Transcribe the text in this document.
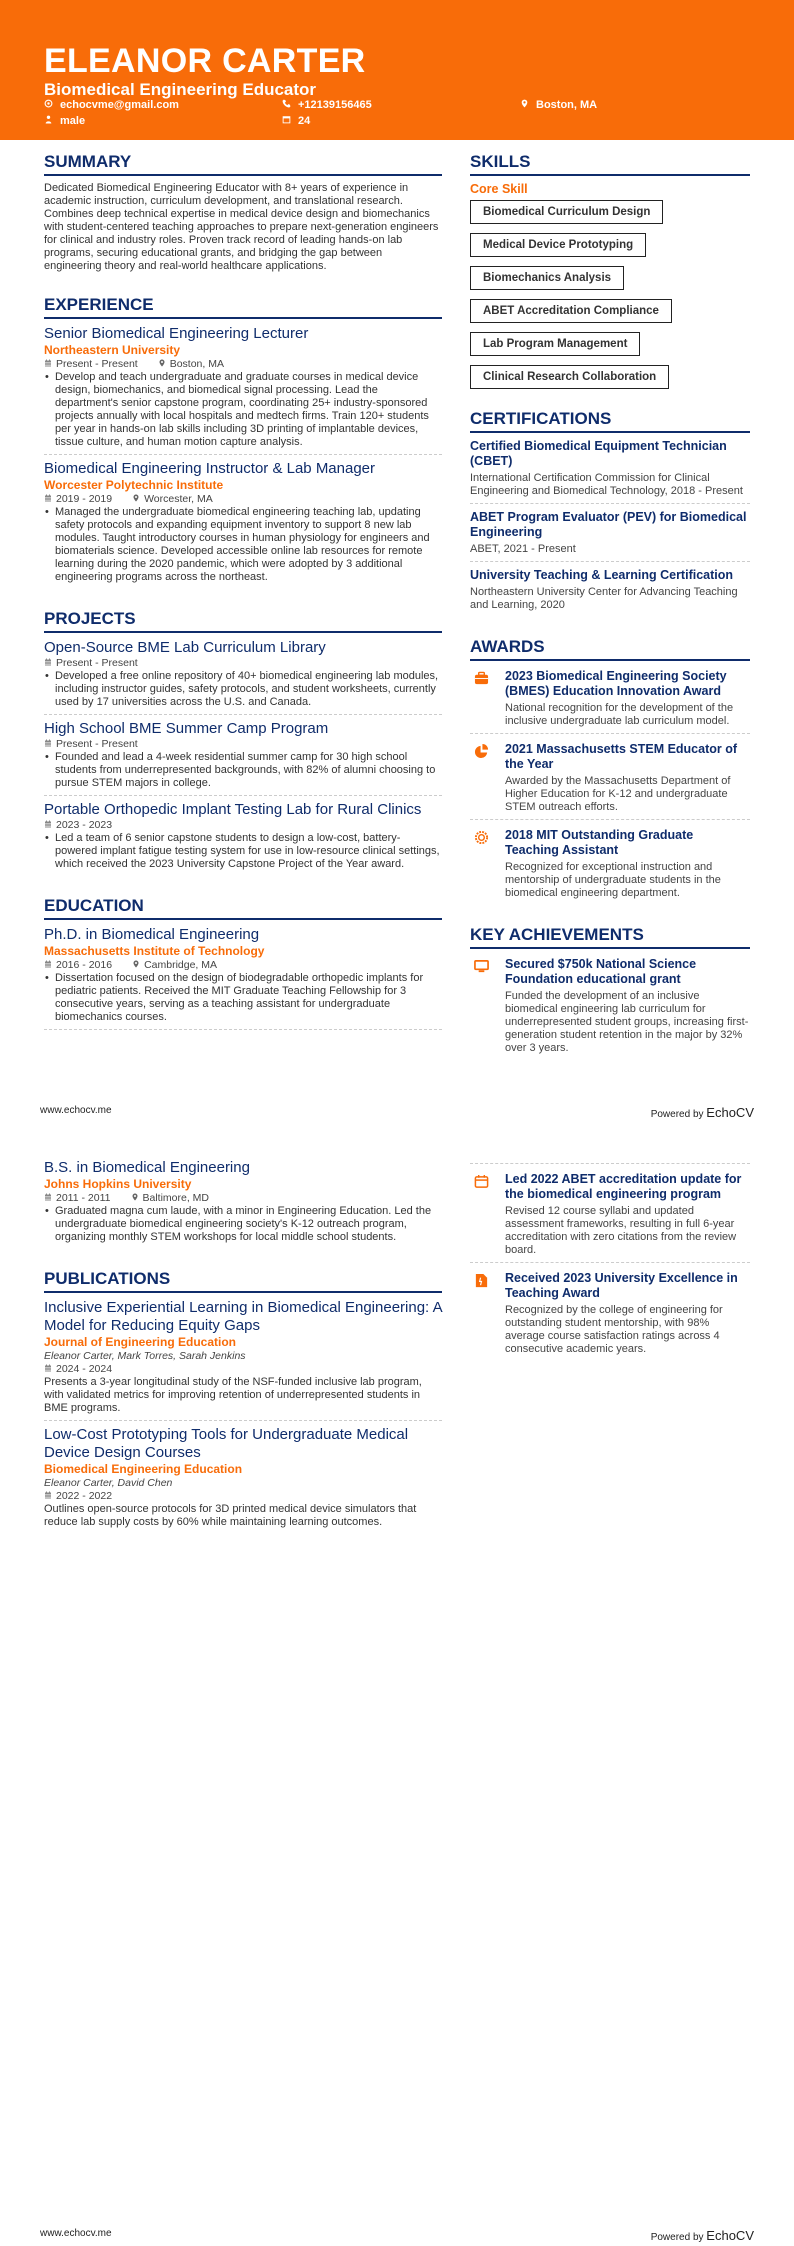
ELEANOR CARTER
Biomedical Engineering Educator
echocvme@gmail.com	+12139156465	Boston, MA
male	24
SUMMARY
Dedicated Biomedical Engineering Educator with 8+ years of experience in academic instruction, curriculum development, and translational research. Combines deep technical expertise in medical device design and biomechanics with student-centered teaching approaches to prepare next-generation engineers for clinical and industry roles. Proven track record of leading hands-on lab programs, securing educational grants, and bridging the gap between engineering theory and real-world healthcare applications.
EXPERIENCE
Senior Biomedical Engineering Lecturer
Northeastern University
Present - Present	Boston, MA
• Develop and teach undergraduate and graduate courses in medical device design, biomechanics, and biomedical signal processing. Lead the department's senior capstone program, coordinating 25+ industry-sponsored projects annually with local hospitals and medtech firms. Train 120+ students per year in hands-on lab skills including 3D printing of implantable devices, tissue culture, and human motion capture analysis.
Biomedical Engineering Instructor & Lab Manager
Worcester Polytechnic Institute
2019 - 2019	Worcester, MA
• Managed the undergraduate biomedical engineering teaching lab, updating safety protocols and expanding equipment inventory to support 8 new lab modules. Taught introductory courses in human physiology for engineers and biomaterials science. Developed accessible online lab resources for remote learning during the 2020 pandemic, which were adopted by 3 additional engineering programs across the northeast.
PROJECTS
Open-Source BME Lab Curriculum Library
Present - Present
• Developed a free online repository of 40+ biomedical engineering lab modules, including instructor guides, safety protocols, and student worksheets, currently used by 17 universities across the U.S. and Canada.
High School BME Summer Camp Program
Present - Present
• Founded and lead a 4-week residential summer camp for 30 high school students from underrepresented backgrounds, with 82% of alumni choosing to pursue STEM majors in college.
Portable Orthopedic Implant Testing Lab for Rural Clinics
2023 - 2023
• Led a team of 6 senior capstone students to design a low-cost, battery-powered implant fatigue testing system for use in low-resource clinical settings, which received the 2023 University Capstone Project of the Year award.
EDUCATION
Ph.D. in Biomedical Engineering
Massachusetts Institute of Technology
2016 - 2016	Cambridge, MA
• Dissertation focused on the design of biodegradable orthopedic implants for pediatric patients. Received the MIT Graduate Teaching Fellowship for 3 consecutive years, serving as a teaching assistant for undergraduate biomechanics courses.
SKILLS
Core Skill
Biomedical Curriculum Design
Medical Device Prototyping
Biomechanics Analysis
ABET Accreditation Compliance
Lab Program Management
Clinical Research Collaboration
CERTIFICATIONS
Certified Biomedical Equipment Technician (CBET)
International Certification Commission for Clinical Engineering and Biomedical Technology, 2018 - Present
ABET Program Evaluator (PEV) for Biomedical Engineering
ABET, 2021 - Present
University Teaching & Learning Certification
Northeastern University Center for Advancing Teaching and Learning, 2020
AWARDS
2023 Biomedical Engineering Society (BMES) Education Innovation Award
National recognition for the development of the inclusive undergraduate lab curriculum model.
2021 Massachusetts STEM Educator of the Year
Awarded by the Massachusetts Department of Higher Education for K-12 and undergraduate STEM outreach efforts.
2018 MIT Outstanding Graduate Teaching Assistant
Recognized for exceptional instruction and mentorship of undergraduate students in the biomedical engineering department.
KEY ACHIEVEMENTS
Secured $750k National Science Foundation educational grant
Funded the development of an inclusive biomedical engineering lab curriculum for underrepresented student groups, increasing first-generation student retention in the major by 32% over 3 years.
www.echocv.me	Powered by EchoCV
B.S. in Biomedical Engineering
Johns Hopkins University
2011 - 2011	Baltimore, MD
• Graduated magna cum laude, with a minor in Engineering Education. Led the undergraduate biomedical engineering society's K-12 outreach program, organizing monthly STEM workshops for local middle school students.
PUBLICATIONS
Inclusive Experiential Learning in Biomedical Engineering: A Model for Reducing Equity Gaps
Journal of Engineering Education
Eleanor Carter, Mark Torres, Sarah Jenkins
2024 - 2024
Presents a 3-year longitudinal study of the NSF-funded inclusive lab program, with validated metrics for improving retention of underrepresented students in BME programs.
Low-Cost Prototyping Tools for Undergraduate Medical Device Design Courses
Biomedical Engineering Education
Eleanor Carter, David Chen
2022 - 2022
Outlines open-source protocols for 3D printed medical device simulators that reduce lab supply costs by 60% while maintaining learning outcomes.
Led 2022 ABET accreditation update for the biomedical engineering program
Revised 12 course syllabi and updated assessment frameworks, resulting in full 6-year accreditation with zero citations from the review board.
Received 2023 University Excellence in Teaching Award
Recognized by the college of engineering for outstanding student mentorship, with 98% average course satisfaction ratings across 4 consecutive academic years.
www.echocv.me	Powered by EchoCV
